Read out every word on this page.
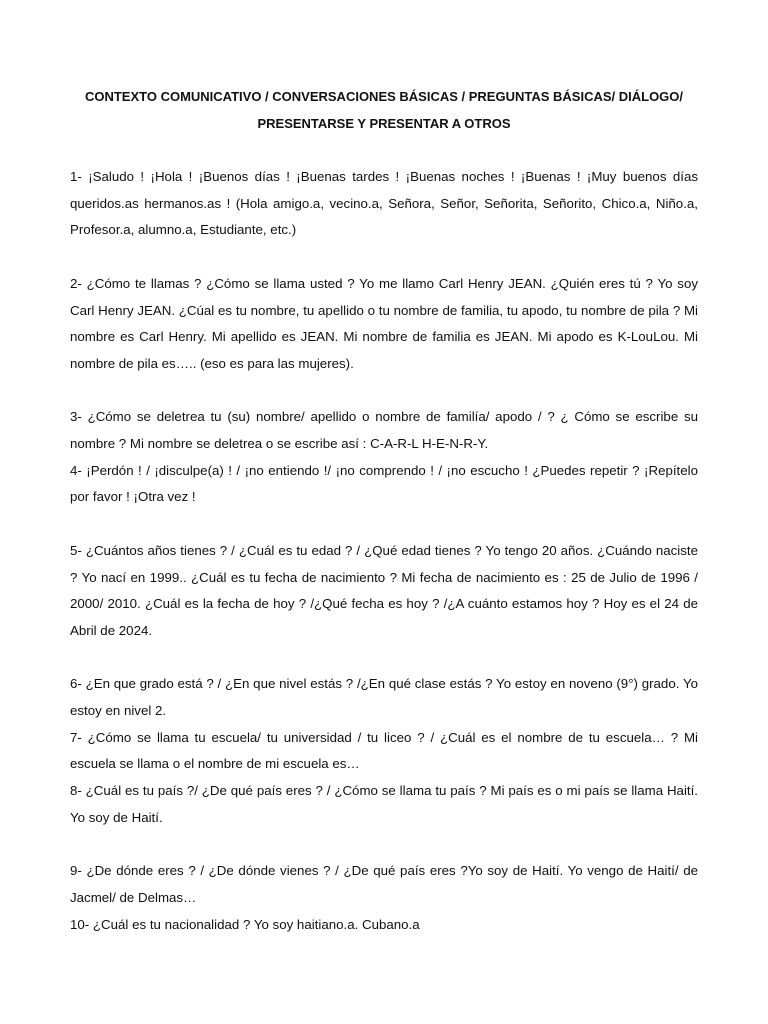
CONTEXTO COMUNICATIVO / CONVERSACIONES BÁSICAS / PREGUNTAS BÁSICAS/ DIÁLOGO/
PRESENTARSE Y PRESENTAR A OTROS

1- ¡Saludo ! ¡Hola ! ¡Buenos días ! ¡Buenas tardes ! ¡Buenas noches ! ¡Buenas ! ¡Muy buenos días queridos.as hermanos.as ! (Hola amigo.a, vecino.a, Señora, Señor, Señorita, Señorito, Chico.a, Niño.a, Profesor.a, alumno.a, Estudiante, etc.)

2- ¿Cómo te llamas ? ¿Cómo se llama usted ? Yo me llamo Carl Henry JEAN. ¿Quién eres tú ? Yo soy Carl Henry JEAN. ¿Cúal es tu nombre, tu apellido o tu nombre de familia, tu apodo, tu nombre de pila ? Mi nombre es Carl Henry. Mi apellido es JEAN. Mi nombre de familia es JEAN. Mi apodo es K-LouLou. Mi nombre de pila es….. (eso es para las mujeres).

3- ¿Cómo se deletrea tu (su) nombre/ apellido o nombre de familía/ apodo / ? ¿ Cómo se escribe su nombre ? Mi nombre se deletrea o se escribe así : C-A-R-L H-E-N-R-Y.

4- ¡Perdón ! / ¡disculpe(a) ! / ¡no entiendo !/ ¡no comprendo ! / ¡no escucho ! ¿Puedes repetir ? ¡Repítelo por favor ! ¡Otra vez !

5- ¿Cuántos años tienes ? / ¿Cuál es tu edad ? / ¿Qué edad tienes ? Yo tengo 20 años. ¿Cuándo naciste ? Yo nací en 1999.. ¿Cuál es tu fecha de nacimiento ? Mi fecha de nacimiento es : 25 de Julio de 1996 / 2000/ 2010. ¿Cuál es la fecha de hoy ? /¿Qué fecha es hoy ? /¿A cuánto estamos hoy ? Hoy es el 24 de Abril de 2024.

6- ¿En que grado está ? / ¿En que nivel estás ? /¿En qué clase estás ? Yo estoy en noveno (9°) grado. Yo estoy en nivel 2.

7- ¿Cómo se llama tu escuela/ tu universidad / tu liceo ? / ¿Cuál es el nombre de tu escuela… ? Mi escuela se llama o el nombre de mi escuela es…

8- ¿Cuál es tu país ?/ ¿De qué país eres ? / ¿Cómo se llama tu país ? Mi país es o mi país se llama Haití. Yo soy de Haití.

9- ¿De dónde eres ? / ¿De dónde vienes ? / ¿De qué país eres ?Yo soy de Haití. Yo vengo de Haití/ de Jacmel/ de Delmas…

10- ¿Cuál es tu nacionalidad ? Yo soy haitiano.a. Cubano.a
